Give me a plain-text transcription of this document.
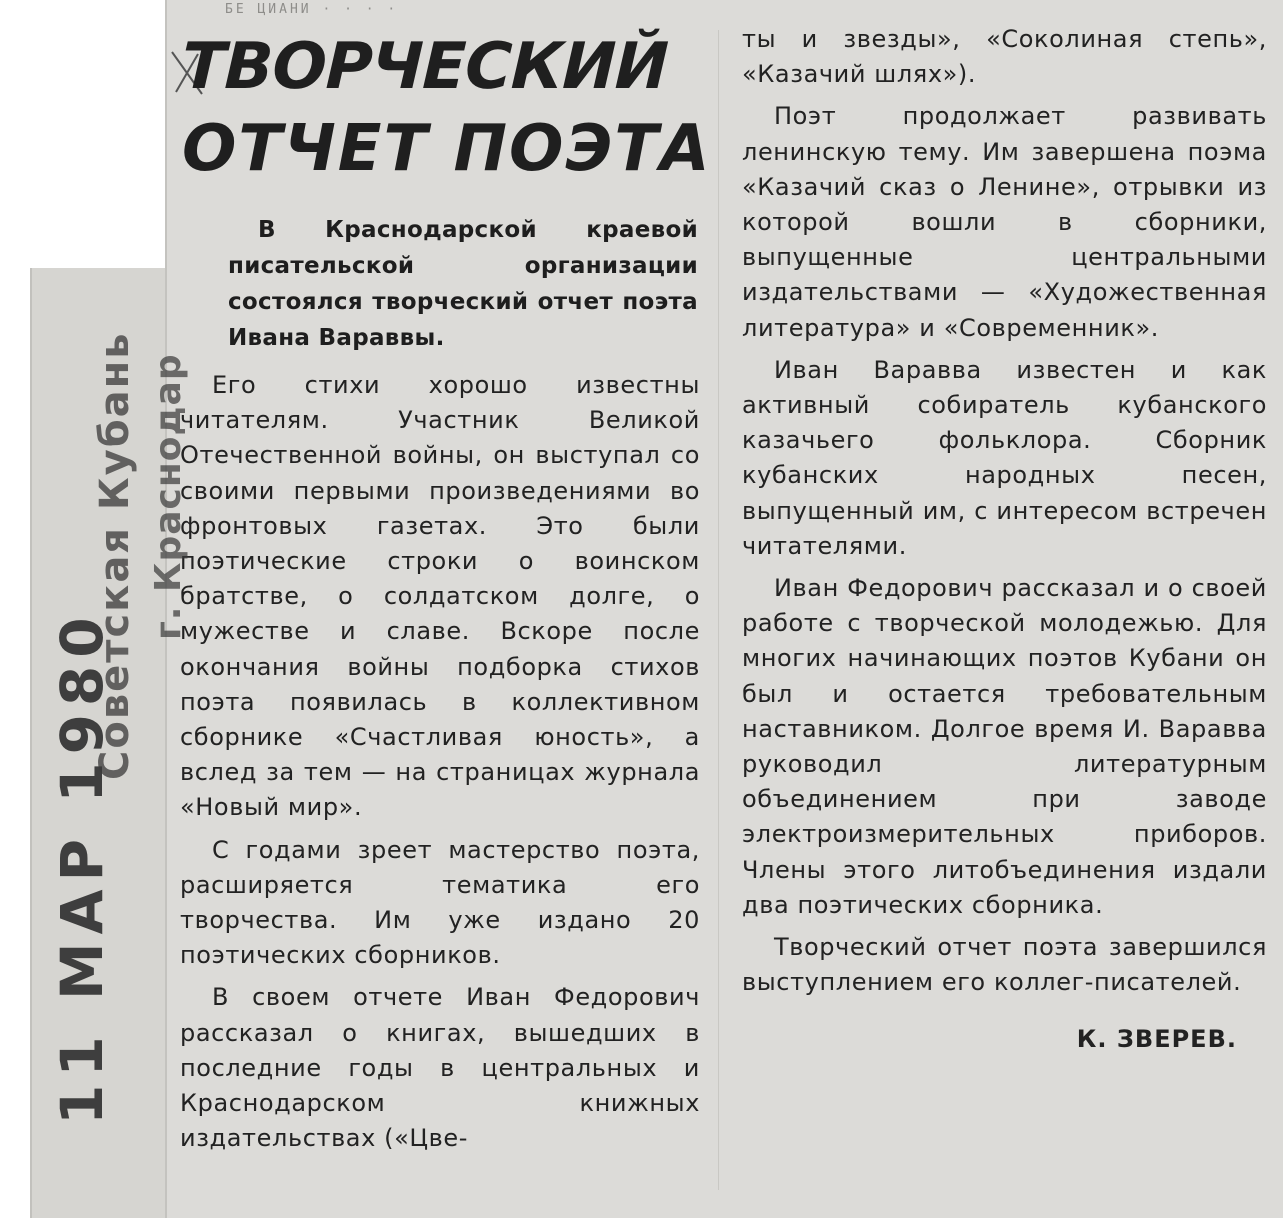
БЕ ЦИАНИ · · · ·
ТВОРЧЕСКИЙ
ОТЧЕТ ПОЭТА
В Краснодарской краевой писательской организации состоялся творческий отчет поэта Ивана Вараввы.

Его стихи хорошо известны читателям. Участник Великой Отечественной войны, он выступал со своими первыми произведениями во фронтовых газетах. Это были поэтические строки о воинском братстве, о солдатском долге, о мужестве и славе. Вскоре после окончания войны подборка стихов поэта появилась в коллективном сборнике «Счастливая юность», а вслед за тем — на страницах журнала «Новый мир».

С годами зреет мастерство поэта, расширяется тематика его творчества. Им уже издано 20 поэтических сборников.

В своем отчете Иван Федорович рассказал о книгах, вышедших в последние годы в центральных и Краснодарском книжных издательствах («Цве-

ты и звезды», «Соколиная степь», «Казачий шлях»).

Поэт продолжает развивать ленинскую тему. Им завершена поэма «Казачий сказ о Ленине», отрывки из которой вошли в сборники, выпущенные центральными издательствами — «Художественная литература» и «Современник».

Иван Варавва известен и как активный собиратель кубанского казачьего фольклора. Сборник кубанских народных песен, выпущенный им, с интересом встречен читателями.

Иван Федорович рассказал и о своей работе с творческой молодежью. Для многих начинающих поэтов Кубани он был и остается требовательным наставником. Долгое время И. Варавва руководил литературным объединением при заводе электроизмерительных приборов. Члены этого литобъединения издали два поэтических сборника.

Творческий отчет поэта завершился выступлением его коллег-писателей.

К. ЗВЕРЕВ.

11 МАР 1980
Советская Кубань г. Краснодар
